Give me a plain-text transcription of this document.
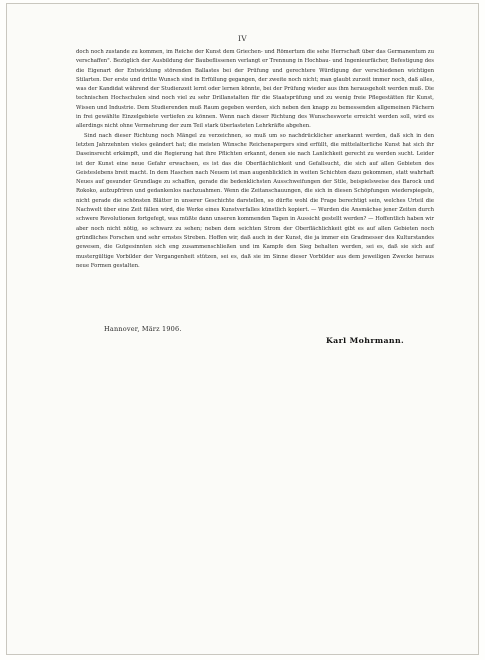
IV

doch noch zustande zu kommen, im Reiche der Kunst dem Griechen- und Römertum die sehe Herrschaft über das Germanentum zu verschaffen". Bezüglich der Ausbildung der Baubeflissenen verlangt er Trennung in Hochbau- und Ingenieurfächer, Befestigung des die Eigenart der Entwicklung störenden Ballastes bei der Prüfung und gerechtere Würdigung der verschiedenen wichtigen Stilarten. Der erste und dritte Wunsch sind in Erfüllung gegangen, der zweite noch nicht; man glaubt zurzeit immer noch, daß alles, was der Kandidat während der Studienzeit lernt oder lernen könnte, bei der Prüfung wieder aus ihm herausgeholt werden muß. Die technischen Hochschulen sind noch viel zu sehr Drillanstalten für die Staatsprüfung und zu wenig freie Pflegestätten für Kunst, Wissen und Industrie. Dem Studierenden muß Raum gegeben werden, sich neben den knapp zu bemessenden allgemeinen Fächern in frei gewählte Einzelgebiete vertiefen zu können. Wenn nach dieser Richtung des Wunschesworte erreicht werden soll, wird es allerdings nicht ohne Vermehrung der zum Teil stark überlasteten Lehrkräfte abgehen.

Sind nach dieser Richtung noch Mängel zu verzeichnen, so muß um so nachdrücklicher anerkannt werden, daß sich in den letzten Jahrzehnten vieles geändert hat; die meisten Wünsche Reichenspergers sind erfüllt, die mittelalterliche Kunst hat sich ihr Daseinsrecht erkämpft, und die Regierung hat ihre Pflichten erkannt, denen sie nach Lanlichkeit gerecht zu werden sucht. Leider ist der Kunst eine neue Gefahr erwachsen, es ist das die Oberflächlichkeit und Gefallsucht, die sich auf allen Gebieten des Geisteslebens breit macht. In dem Haschen nach Neuem ist man augenblicklich in weiten Schichten dazu gekommen, statt wahrhaft Neues auf gesunder Grundlage zu schaffen, gerade die bedenklichsten Ausschweifungen der Stile, beispielsweise des Barock und Rokoko, aufzupfriren und gedankenlos nachzuahmen. Wenn die Zeitanschauungen, die sich in diesen Schöpfungen wiederspiegeln, nicht gerade die schönsten Blätter in unserer Geschichte darstellen, so dürfte wohl die Frage berechtigt sein, welches Urteil die Nachwelt über eine Zeit fällen wird, die Werke eines Kunstverfalles künstlich kopiert. — Wurden die Ansmächse jener Zeiten durch schwere Revolutionen fortgefegt, was müßte dann unseren kommenden Tagen in Aussicht gestellt werden? — Hoffentlich haben wir aber noch nicht nötig, so schwarz zu sehen; neben dem seichten Strom der Oberflächlichkeit gibt es auf allen Gebieten noch gründliches Forschen und sehr ernstes Streben. Hoffen wir, daß auch in der Kunst, die ja immer ein Gradmesser des Kulturstandes gewesen, die Gutgesinnten sich eng zusammenschließen und im Kampfe den Sieg behalten werden, sei es, daß sie sich auf mustergültige Vorbilder der Vergangenheit stützen, sei es, daß sie im Sinne dieser Vorbilder aus dem jeweiligen Zwecke heraus neue Formen gestalten.

Hannover, März 1906.
Karl Mohrmann.
